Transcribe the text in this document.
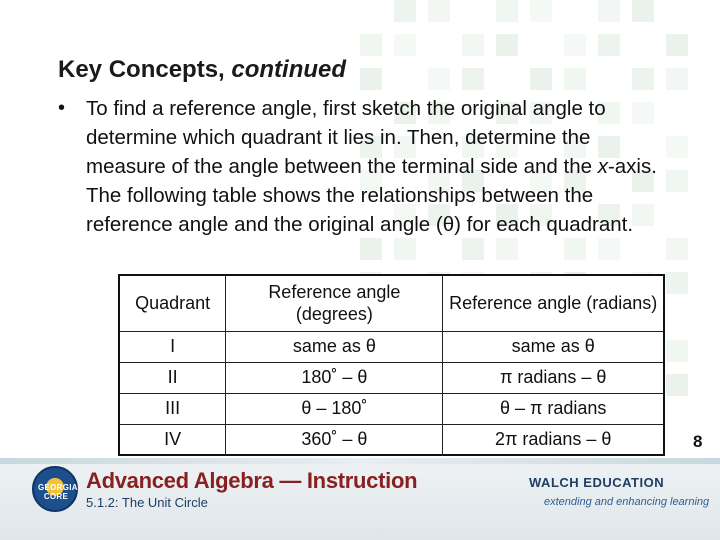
Key Concepts, continued
• To find a reference angle, first sketch the original angle to determine which quadrant it lies in. Then, determine the measure of the angle between the terminal side and the x-axis. The following table shows the relationships between the reference angle and the original angle (θ) for each quadrant.
Quadrant	Reference angle (degrees)	Reference angle (radians)
I	same as θ	same as θ
II	180˚ – θ	π radians – θ
III	θ – 180˚	θ – π radians
IV	360˚ – θ	2π radians – θ	8
GEORGIA CORE
Advanced Algebra — Instruction
5.1.2: The Unit Circle
WALCH EDUCATION
extending and enhancing learning
